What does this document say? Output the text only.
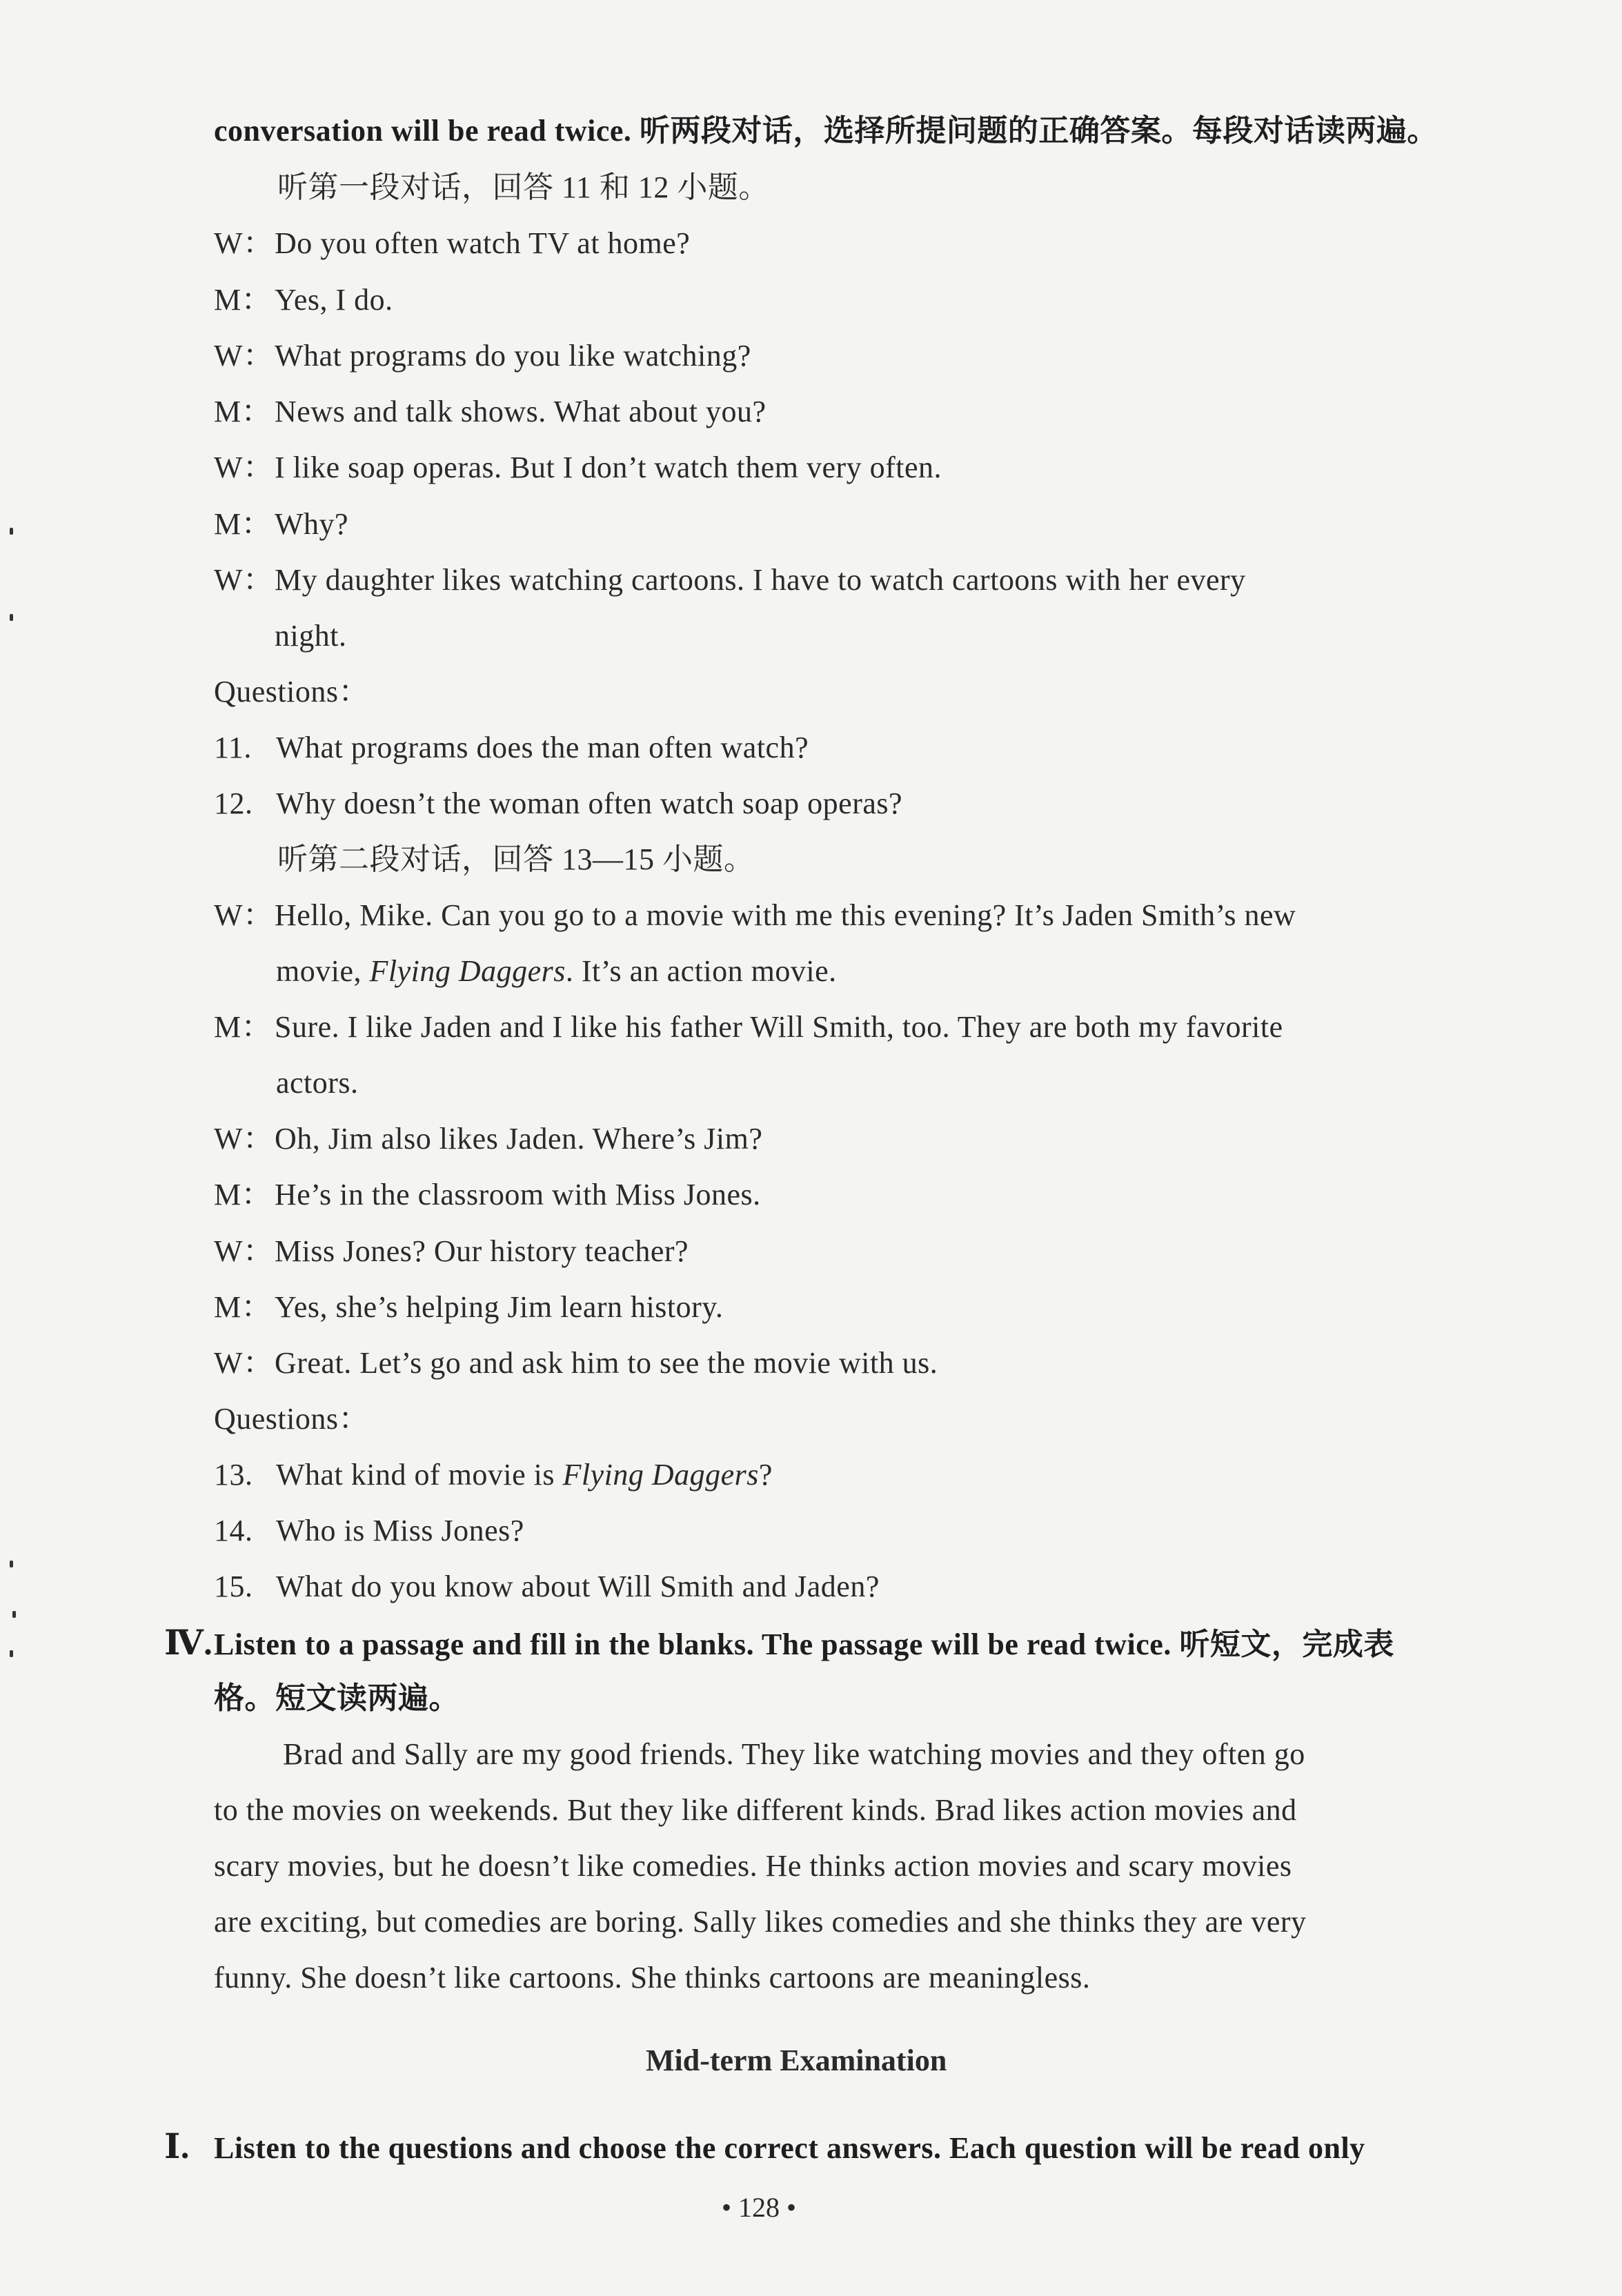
conversation will be read twice. 听两段对话，选择所提问题的正确答案。每段对话读两遍。
听第一段对话，回答 11 和 12 小题。
W：Do you often watch TV at home?
M：Yes, I do.
W：What programs do you like watching?
M：News and talk shows. What about you?
W：I like soap operas. But I don’t watch them very often.
M：Why?
W：My daughter likes watching cartoons. I have to watch cartoons with her every
night.
Questions：
11. What programs does the man often watch?
12. Why doesn’t the woman often watch soap operas?
听第二段对话，回答 13—15 小题。
W：Hello, Mike. Can you go to a movie with me this evening? It’s Jaden Smith’s new
movie, Flying Daggers. It’s an action movie.
M：Sure. I like Jaden and I like his father Will Smith, too. They are both my favorite
actors.
W：Oh, Jim also likes Jaden. Where’s Jim?
M：He’s in the classroom with Miss Jones.
W：Miss Jones? Our history teacher?
M：Yes, she’s helping Jim learn history.
W：Great. Let’s go and ask him to see the movie with us.
Questions：
13. What kind of movie is Flying Daggers?
14. Who is Miss Jones?
15. What do you know about Will Smith and Jaden?
Ⅳ.Listen to a passage and fill in the blanks. The passage will be read twice. 听短文，完成表
格。短文读两遍。
Brad and Sally are my good friends. They like watching movies and they often go
to the movies on weekends. But they like different kinds. Brad likes action movies and
scary movies, but he doesn’t like comedies. He thinks action movies and scary movies
are exciting, but comedies are boring. Sally likes comedies and she thinks they are very
funny. She doesn’t like cartoons. She thinks cartoons are meaningless.
Mid-term Examination
Ⅰ. Listen to the questions and choose the correct answers. Each question will be read only
• 128 •
